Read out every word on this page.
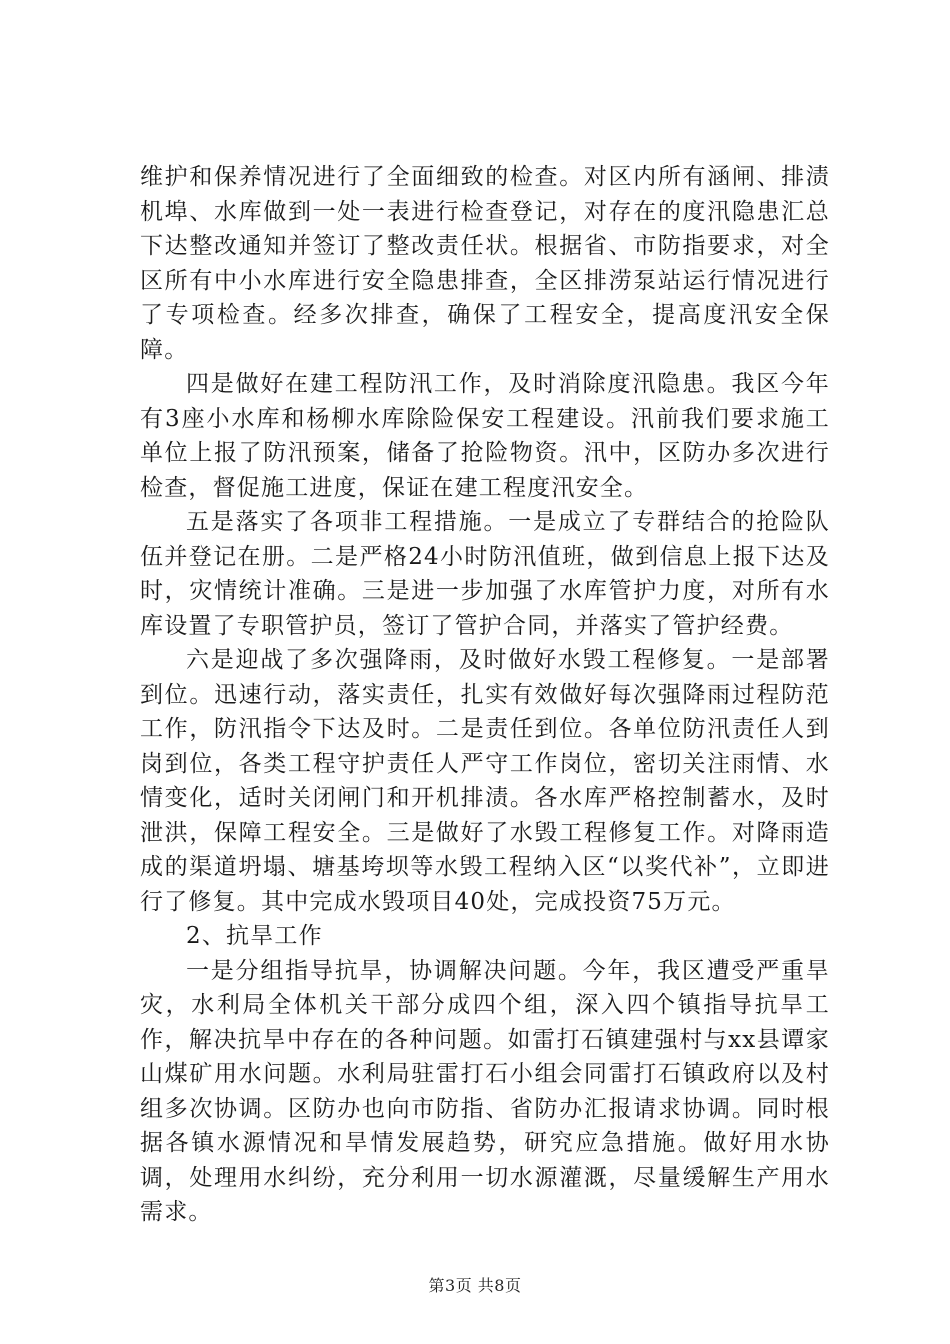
维护和保养情况进行了全面细致的检查。对区内所有涵闸、排渍机埠、水库做到一处一表进行检查登记，对存在的度汛隐患汇总下达整改通知并签订了整改责任状。根据省、市防指要求，对全区所有中小水库进行安全隐患排查，全区排涝泵站运行情况进行了专项检查。经多次排查，确保了工程安全，提高度汛安全保障。

四是做好在建工程防汛工作，及时消除度汛隐患。我区今年有3座小水库和杨柳水库除险保安工程建设。汛前我们要求施工单位上报了防汛预案，储备了抢险物资。汛中，区防办多次进行检查，督促施工进度，保证在建工程度汛安全。

五是落实了各项非工程措施。一是成立了专群结合的抢险队伍并登记在册。二是严格24小时防汛值班，做到信息上报下达及时，灾情统计准确。三是进一步加强了水库管护力度，对所有水库设置了专职管护员，签订了管护合同，并落实了管护经费。

六是迎战了多次强降雨，及时做好水毁工程修复。一是部署到位。迅速行动，落实责任，扎实有效做好每次强降雨过程防范工作，防汛指令下达及时。二是责任到位。各单位防汛责任人到岗到位，各类工程守护责任人严守工作岗位，密切关注雨情、水情变化，适时关闭闸门和开机排渍。各水库严格控制蓄水，及时泄洪，保障工程安全。三是做好了水毁工程修复工作。对降雨造成的渠道坍塌、塘基垮坝等水毁工程纳入区“以奖代补”，立即进行了修复。其中完成水毁项目40处，完成投资75万元。

2、抗旱工作

一是分组指导抗旱，协调解决问题。今年，我区遭受严重旱灾，水利局全体机关干部分成四个组，深入四个镇指导抗旱工作，解决抗旱中存在的各种问题。如雷打石镇建强村与xx县谭家山煤矿用水问题。水利局驻雷打石小组会同雷打石镇政府以及村组多次协调。区防办也向市防指、省防办汇报请求协调。同时根据各镇水源情况和旱情发展趋势，研究应急措施。做好用水协调，处理用水纠纷，充分利用一切水源灌溉，尽量缓解生产用水需求。

第3页 共8页
